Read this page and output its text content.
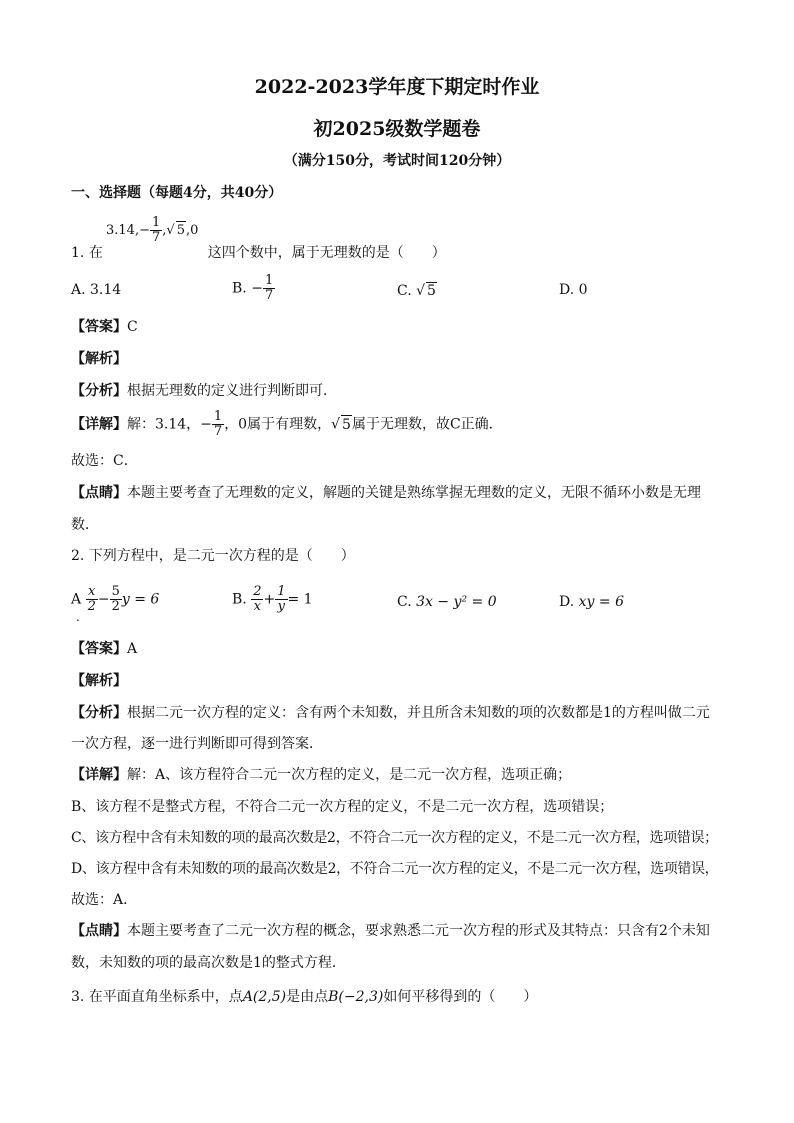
2022-2023学年度下期定时作业
初2025级数学题卷
（满分150分，考试时间120分钟）
一、选择题（每题4分，共40分）
$3.14,- \frac{1}{7}$ ,√ 5,0
1. 在	这四个数中，属于无理数的是（　　）
A. 3.14	B. − $\frac{1}{7}$	C. √ 5	D. 0
【答案】C
【解析】
【分析】根据无理数的定义进行判断即可．
【详解】解：3.14，− $\frac{1}{7}$ ，0属于有理数，√ 5属于无理数，故C正确．
故选：C．
【点睛】本题主要考查了无理数的定义，解题的关键是熟练掌握无理数的定义，无限不循环小数是无理
数．
2. 下列方程中，是二元一次方程的是（　　）
A $\frac{x}{2} - \frac{5}{2}$ y = 6
.
B. $\frac{2}{x} + \frac{1}{y} = 1$	C. 3x − y² = 0	D. xy = 6
【答案】A
【解析】
【分析】根据二元一次方程的定义：含有两个未知数，并且所含未知数的项的次数都是1的方程叫做二元
一次方程，逐一进行判断即可得到答案．
【详解】解：A、该方程符合二元一次方程的定义，是二元一次方程，选项正确；
B、该方程不是整式方程，不符合二元一次方程的定义，不是二元一次方程，选项错误；
C、该方程中含有未知数的项的最高次数是2，不符合二元一次方程的定义，不是二元一次方程，选项错误；
D、该方程中含有未知数的项的最高次数是2，不符合二元一次方程的定义，不是二元一次方程，选项错误，
故选：A．
【点睛】本题主要考查了二元一次方程的概念，要求熟悉二元一次方程的形式及其特点：只含有2个未知
数，未知数的项的最高次数是1的整式方程．
3. 在平面直角坐标系中，点A(2,5)是由点B(−2,3)如何平移得到的（　　）
